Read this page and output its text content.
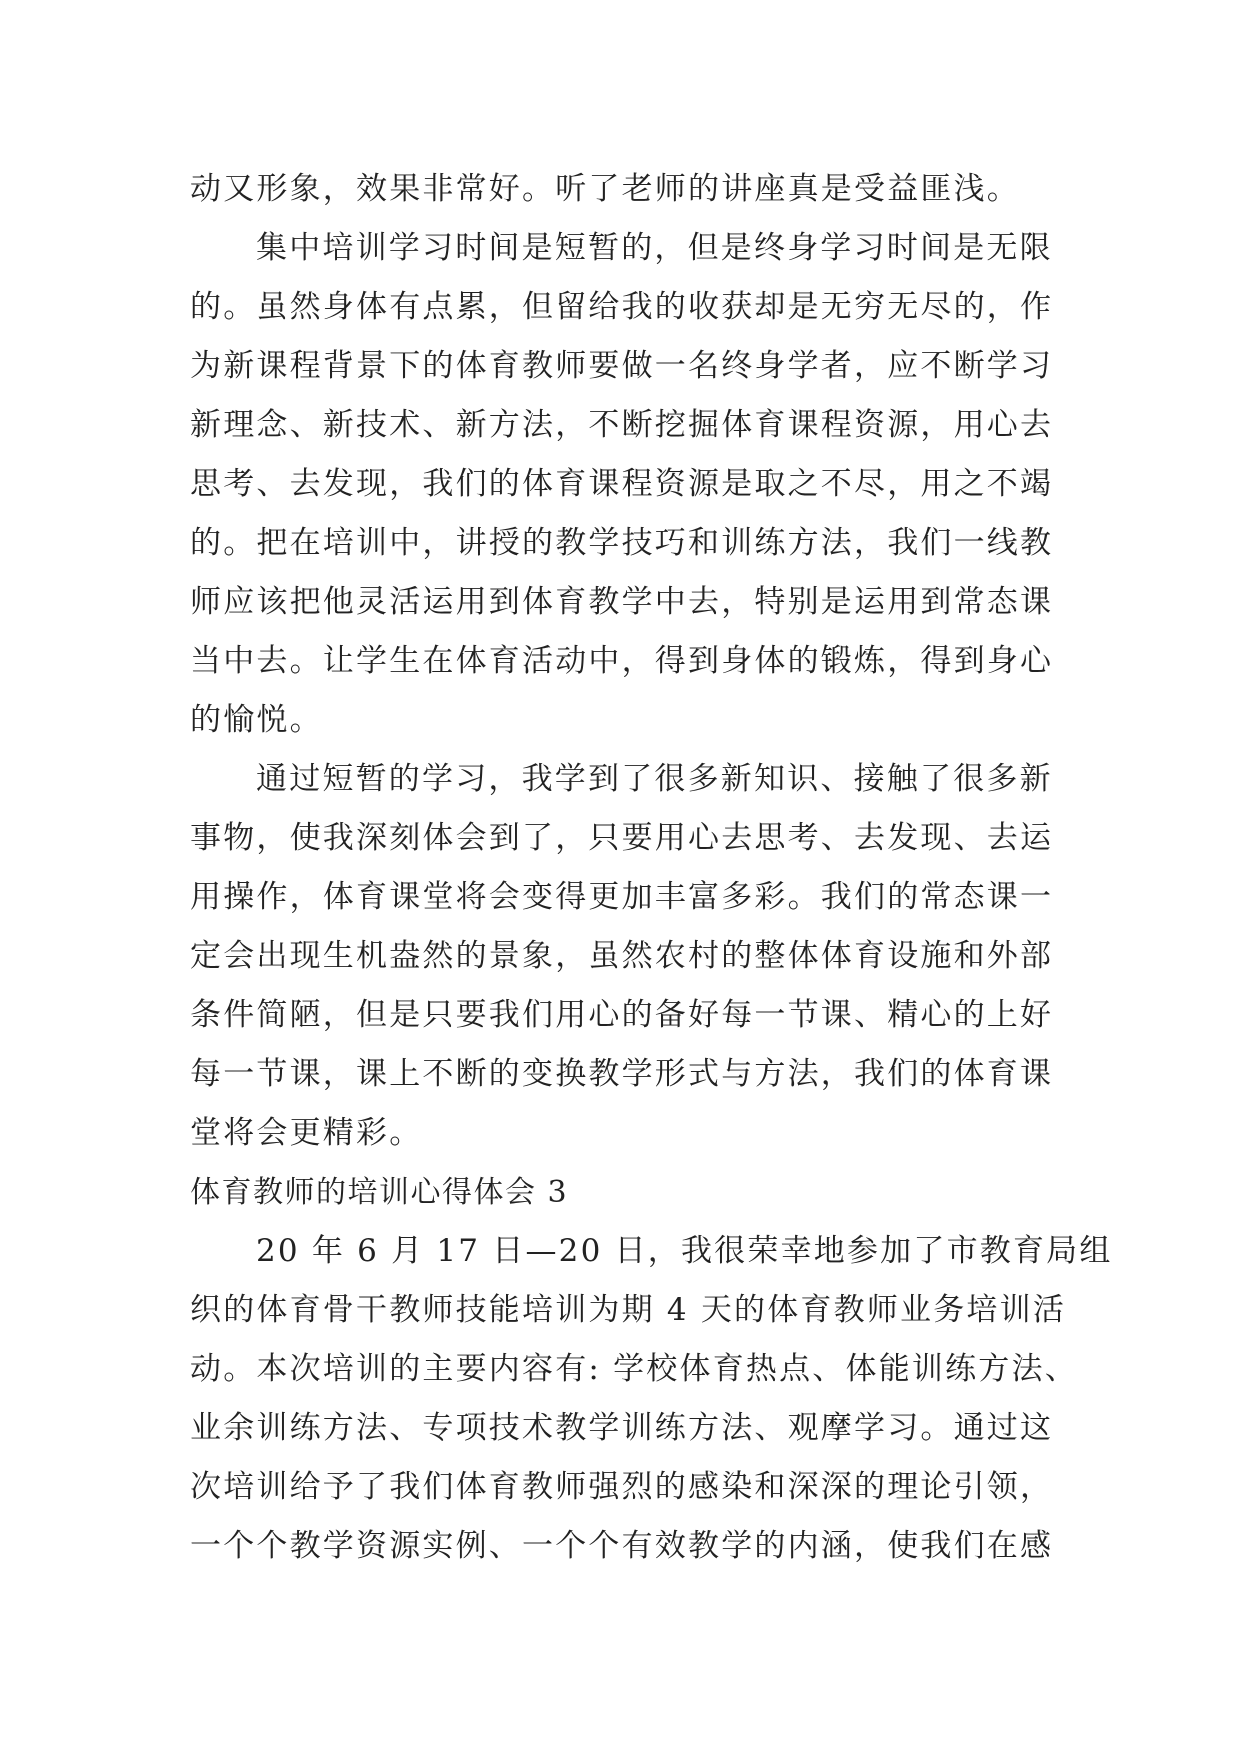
动又形象，效果非常好。听了老师的讲座真是受益匪浅。
集中培训学习时间是短暂的，但是终身学习时间是无限
的。虽然身体有点累，但留给我的收获却是无穷无尽的，作
为新课程背景下的体育教师要做一名终身学者，应不断学习
新理念、新技术、新方法，不断挖掘体育课程资源，用心去
思考、去发现，我们的体育课程资源是取之不尽，用之不竭
的。把在培训中，讲授的教学技巧和训练方法，我们一线教
师应该把他灵活运用到体育教学中去，特别是运用到常态课
当中去。让学生在体育活动中，得到身体的锻炼，得到身心
的愉悦。
通过短暂的学习，我学到了很多新知识、接触了很多新
事物，使我深刻体会到了，只要用心去思考、去发现、去运
用操作，体育课堂将会变得更加丰富多彩。我们的常态课一
定会出现生机盎然的景象，虽然农村的整体体育设施和外部
条件简陋，但是只要我们用心的备好每一节课、精心的上好
每一节课，课上不断的变换教学形式与方法，我们的体育课
堂将会更精彩。
体育教师的培训心得体会 3
20 年 6 月 17 日—20 日，我很荣幸地参加了市教育局组
织的体育骨干教师技能培训为期 4 天的体育教师业务培训活
动。本次培训的主要内容有: 学校体育热点、体能训练方法、
业余训练方法、专项技术教学训练方法、观摩学习。通过这
次培训给予了我们体育教师强烈的感染和深深的理论引领，
一个个教学资源实例、一个个有效教学的内涵，使我们在感
